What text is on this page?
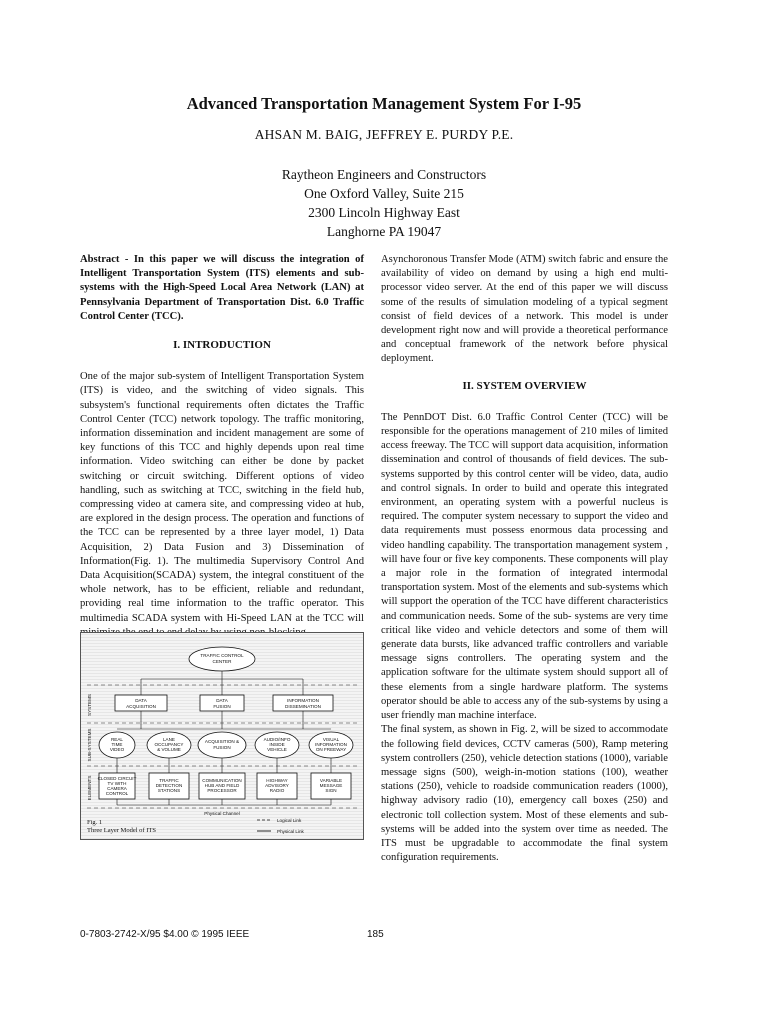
Advanced Transportation Management System For I-95
AHSAN M. BAIG, JEFFREY E. PURDY P.E.
Raytheon Engineers and Constructors
One Oxford Valley, Suite 215
2300 Lincoln Highway East
Langhorne PA 19047

Abstract - In this paper we will discuss the integration of Intelligent Transportation System (ITS) elements and sub-systems with the High-Speed Local Area Network (LAN) at Pennsylvania Department of Transportation Dist. 6.0 Traffic Control Center (TCC).

I. INTRODUCTION

One of the major sub-system of Intelligent Transportation System (ITS) is video, and the switching of video signals. This subsystem's functional requirements often dictates the Traffic Control Center (TCC) network topology. The traffic monitoring, information dissemination and incident management are some of key functions of this TCC and highly depends upon real time information. Video switching can either be done by packet switching or circuit switching. Different options of video handling, such as switching at TCC, switching in the field hub, compressing video at camera site, and compressing video at hub, are explored in the design process. The operation and functions of the TCC can be represented by a three layer model, 1) Data Acquisition, 2) Data Fusion and 3) Dissemination of Information(Fig. 1). The multimedia Supervisory Control And Data Acquisition(SCADA) system, the integral constituent of the whole network, has to be efficient, reliable and redundant, providing real time information to the traffic operator. This multimedia SCADA system with Hi-Speed LAN at the TCC will

Asynchoronous Transfer Mode (ATM) switch fabric and ensure the availability of video on demand by using a high end multi-processor video server. At the end of this paper we will discuss some of the results of simulation modeling of a typical segment consist of field devices of a network. This model is under development right now and will provide a theoretical performance and conceptual framework of the network before physical deployment.

II. SYSTEM OVERVIEW

The PennDOT Dist. 6.0 Traffic Control Center (TCC) will be responsible for the operations management of 210 miles of limited access freeway. The TCC will support data acquisition, information dissemination and control of thousands of field devices. The sub-systems supported by this control center will be video, data, audio and control signals. In order to build and operate this integrated environment, an operating system with a powerful nucleus is required. The computer system necessary to support the video and data requirements must possess enormous data processing and video handling capability. The transportation management system , will have four or five key components. These components will play a major role in the formation of integrated intermodal transportation system. Most of the elements and sub-systems which will support the operation of the TCC have different characteristics and communication needs. Some of the sub- systems are very time critical like video and vehicle detectors and some of them will generate data bursts, like advanced traffic controllers and variable message signs controllers. The operating system and the application software for the ultimate system should support all of these elements from a single hardware platform. The systems operator should be able to access any of the sub-systems by using a user friendly man machine interface.

The final system, as shown in Fig. 2, will be sized to accommodate the following field devices, CCTV cameras (500), Ramp metering system controllers (250), vehicle detection stations (1000), variable message signs (500), weigh-in-motion stations (100), weather stations (250), vehicle to roadside communication readers (1000), highway advisory radio (10), emergency call boxes (250) and electronic toll collection system. Most of these elements and sub-systems will be added into the system over time as needed. The ITS must be upgradable to accommodate the final system configuration requirements.

SYSTEMS
SUB-SYSTEMS
ELEMENTS
TRAFFIC CONTROL
CENTER
DATA
ACQUISITION
DATA
FUSION
INFORMATION
DISSEMINATION
REAL
TIME
VIDEO
LANE
OCCUPANCY
& VOLUME
ACQUISITION &
FUSION
AUDIO/INFO
INSIDE
VEHICLE
VISUAL
INFORMATION
ON FREEWAY
CLOSED CIRCUIT
TV WITH
CAMERA
CONTROL
TRAFFIC
DETECTION
STATIONS
COMMUNICATION
HUB AND FIELD
PROCESSOR
HIGHWAY
ADVISORY
RADIO
VARIABLE
MESSAGE
SIGN
Physical Channel
Logical Link
Physical Link
Fig. 1
Three Layer Model of ITS
0-7803-2742-X/95 $4.00 © 1995 IEEE	185
